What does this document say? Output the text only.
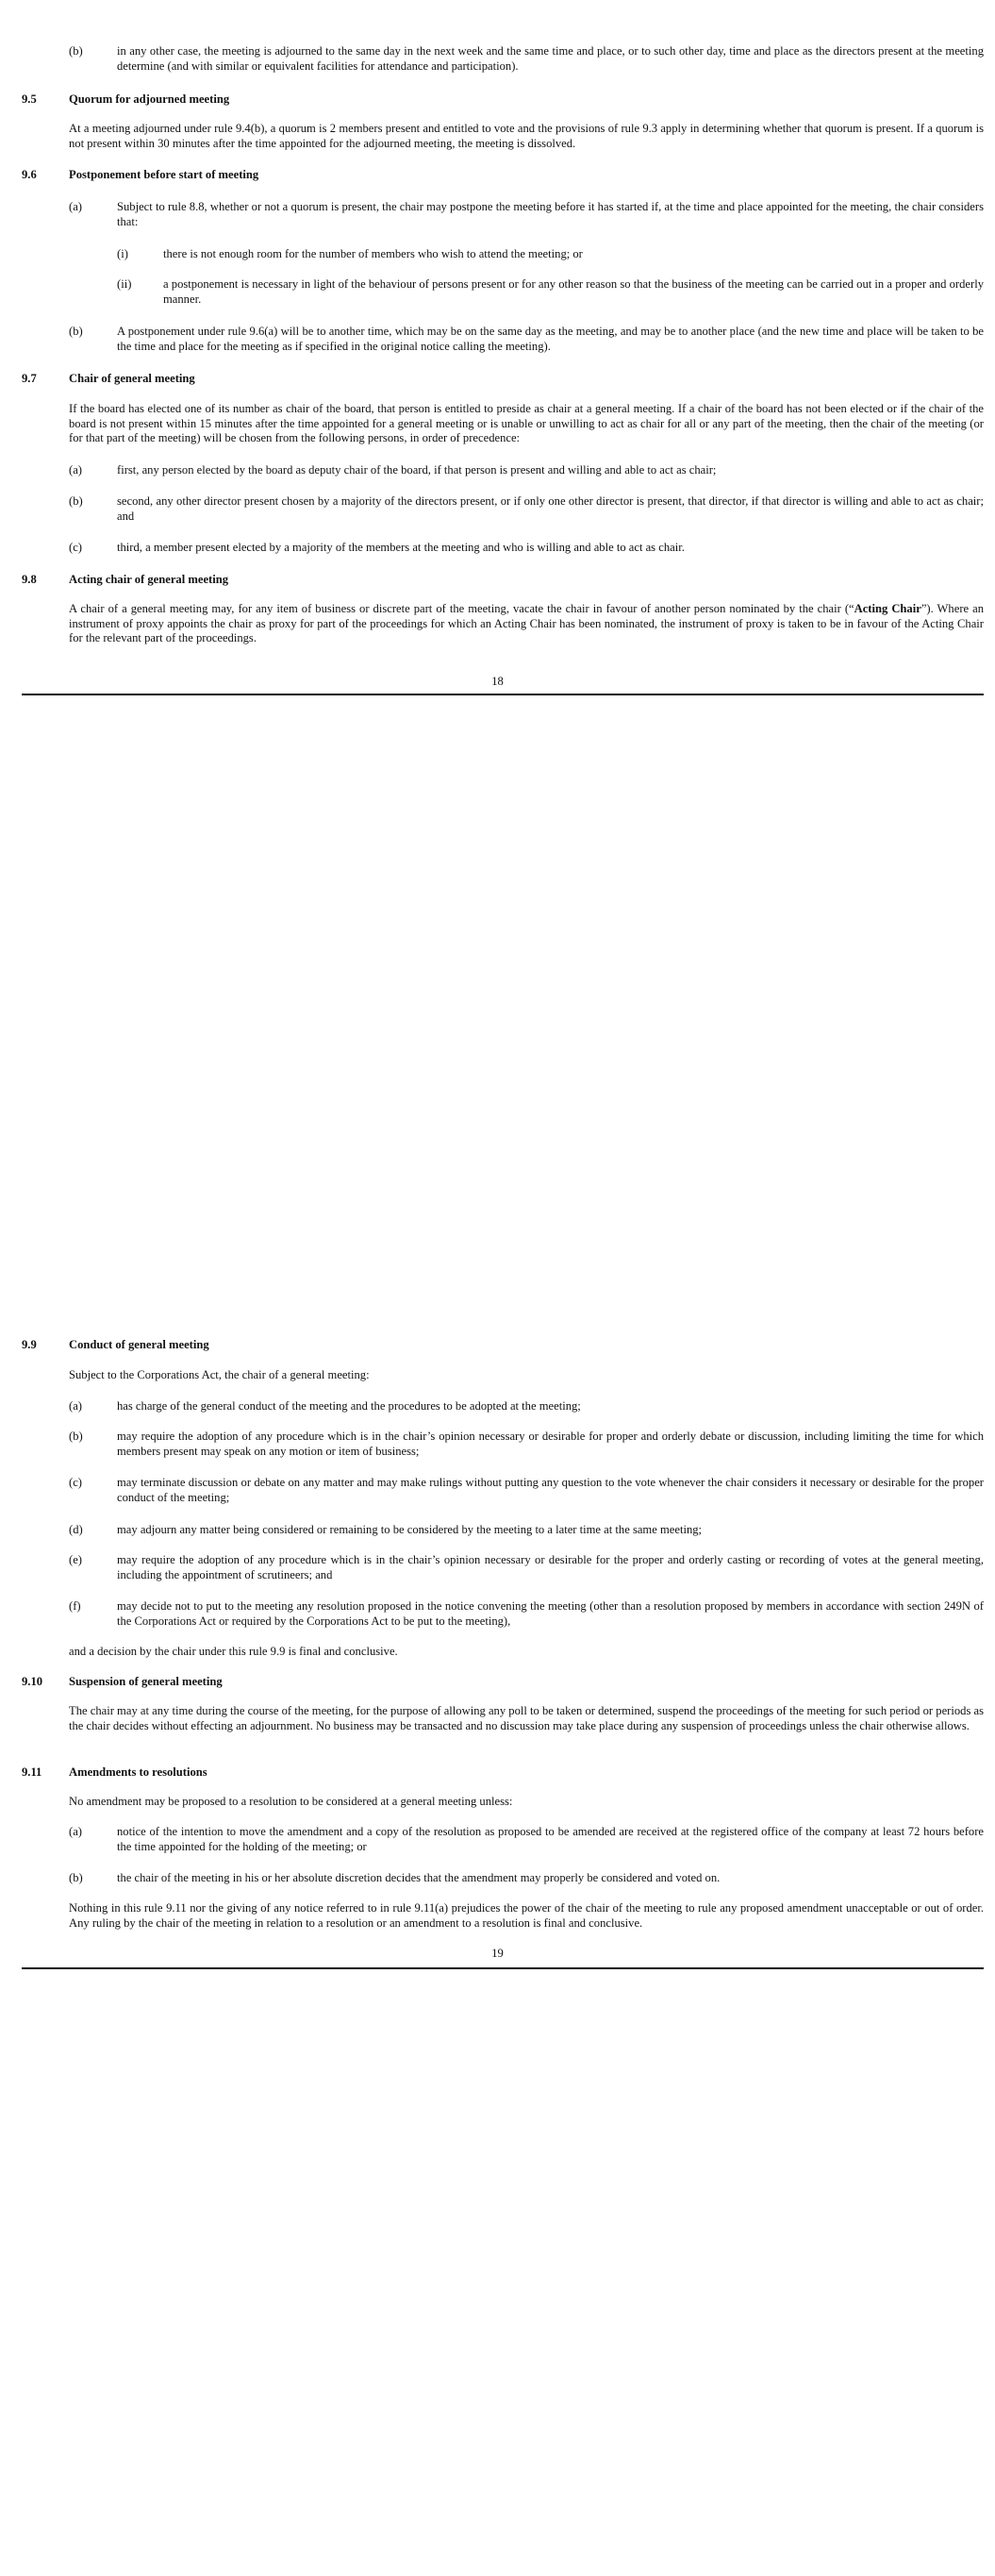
(b)	in any other case, the meeting is adjourned to the same day in the next week and the same time and place, or to such other day, time and place as the directors present at the meeting determine (and with similar or equivalent facilities for attendance and participation).
9.5	Quorum for adjourned meeting
At a meeting adjourned under rule 9.4(b), a quorum is 2 members present and entitled to vote and the provisions of rule 9.3 apply in determining whether that quorum is present. If a quorum is not present within 30 minutes after the time appointed for the adjourned meeting, the meeting is dissolved.
9.6	Postponement before start of meeting
(a)	Subject to rule 8.8, whether or not a quorum is present, the chair may postpone the meeting before it has started if, at the time and place appointed for the meeting, the chair considers that:
(i)	there is not enough room for the number of members who wish to attend the meeting; or
(ii)	a postponement is necessary in light of the behaviour of persons present or for any other reason so that the business of the meeting can be carried out in a proper and orderly manner.
(b)	A postponement under rule 9.6(a) will be to another time, which may be on the same day as the meeting, and may be to another place (and the new time and place will be taken to be the time and place for the meeting as if specified in the original notice calling the meeting).
9.7	Chair of general meeting
If the board has elected one of its number as chair of the board, that person is entitled to preside as chair at a general meeting. If a chair of the board has not been elected or if the chair of the board is not present within 15 minutes after the time appointed for a general meeting or is unable or unwilling to act as chair for all or any part of the meeting, then the chair of the meeting (or for that part of the meeting) will be chosen from the following persons, in order of precedence:
(a)	first, any person elected by the board as deputy chair of the board, if that person is present and willing and able to act as chair;
(b)	second, any other director present chosen by a majority of the directors present, or if only one other director is present, that director, if that director is willing and able to act as chair; and
(c)	third, a member present elected by a majority of the members at the meeting and who is willing and able to act as chair.
9.8	Acting chair of general meeting
A chair of a general meeting may, for any item of business or discrete part of the meeting, vacate the chair in favour of another person nominated by the chair (“Acting Chair”). Where an instrument of proxy appoints the chair as proxy for part of the proceedings for which an Acting Chair has been nominated, the instrument of proxy is taken to be in favour of the Acting Chair for the relevant part of the proceedings.
18
9.9	Conduct of general meeting
Subject to the Corporations Act, the chair of a general meeting:
(a)	has charge of the general conduct of the meeting and the procedures to be adopted at the meeting;
(b)	may require the adoption of any procedure which is in the chair’s opinion necessary or desirable for proper and orderly debate or discussion, including limiting the time for which members present may speak on any motion or item of business;
(c)	may terminate discussion or debate on any matter and may make rulings without putting any question to the vote whenever the chair considers it necessary or desirable for the proper conduct of the meeting;
(d)	may adjourn any matter being considered or remaining to be considered by the meeting to a later time at the same meeting;
(e)	may require the adoption of any procedure which is in the chair’s opinion necessary or desirable for the proper and orderly casting or recording of votes at the general meeting, including the appointment of scrutineers; and
(f)	may decide not to put to the meeting any resolution proposed in the notice convening the meeting (other than a resolution proposed by members in accordance with section 249N of the Corporations Act or required by the Corporations Act to be put to the meeting),
and a decision by the chair under this rule 9.9 is final and conclusive.
9.10 Suspension of general meeting
The chair may at any time during the course of the meeting, for the purpose of allowing any poll to be taken or determined, suspend the proceedings of the meeting for such period or periods as the chair decides without effecting an adjournment. No business may be transacted and no discussion may take place during any suspension of proceedings unless the chair otherwise allows.
9.11 Amendments to resolutions
No amendment may be proposed to a resolution to be considered at a general meeting unless:
(a)	notice of the intention to move the amendment and a copy of the resolution as proposed to be amended are received at the registered office of the company at least 72 hours before the time appointed for the holding of the meeting; or
(b)	the chair of the meeting in his or her absolute discretion decides that the amendment may properly be considered and voted on.
Nothing in this rule 9.11 nor the giving of any notice referred to in rule 9.11(a) prejudices the power of the chair of the meeting to rule any proposed amendment unacceptable or out of order. Any ruling by the chair of the meeting in relation to a resolution or an amendment to a resolution is final and conclusive.
19
